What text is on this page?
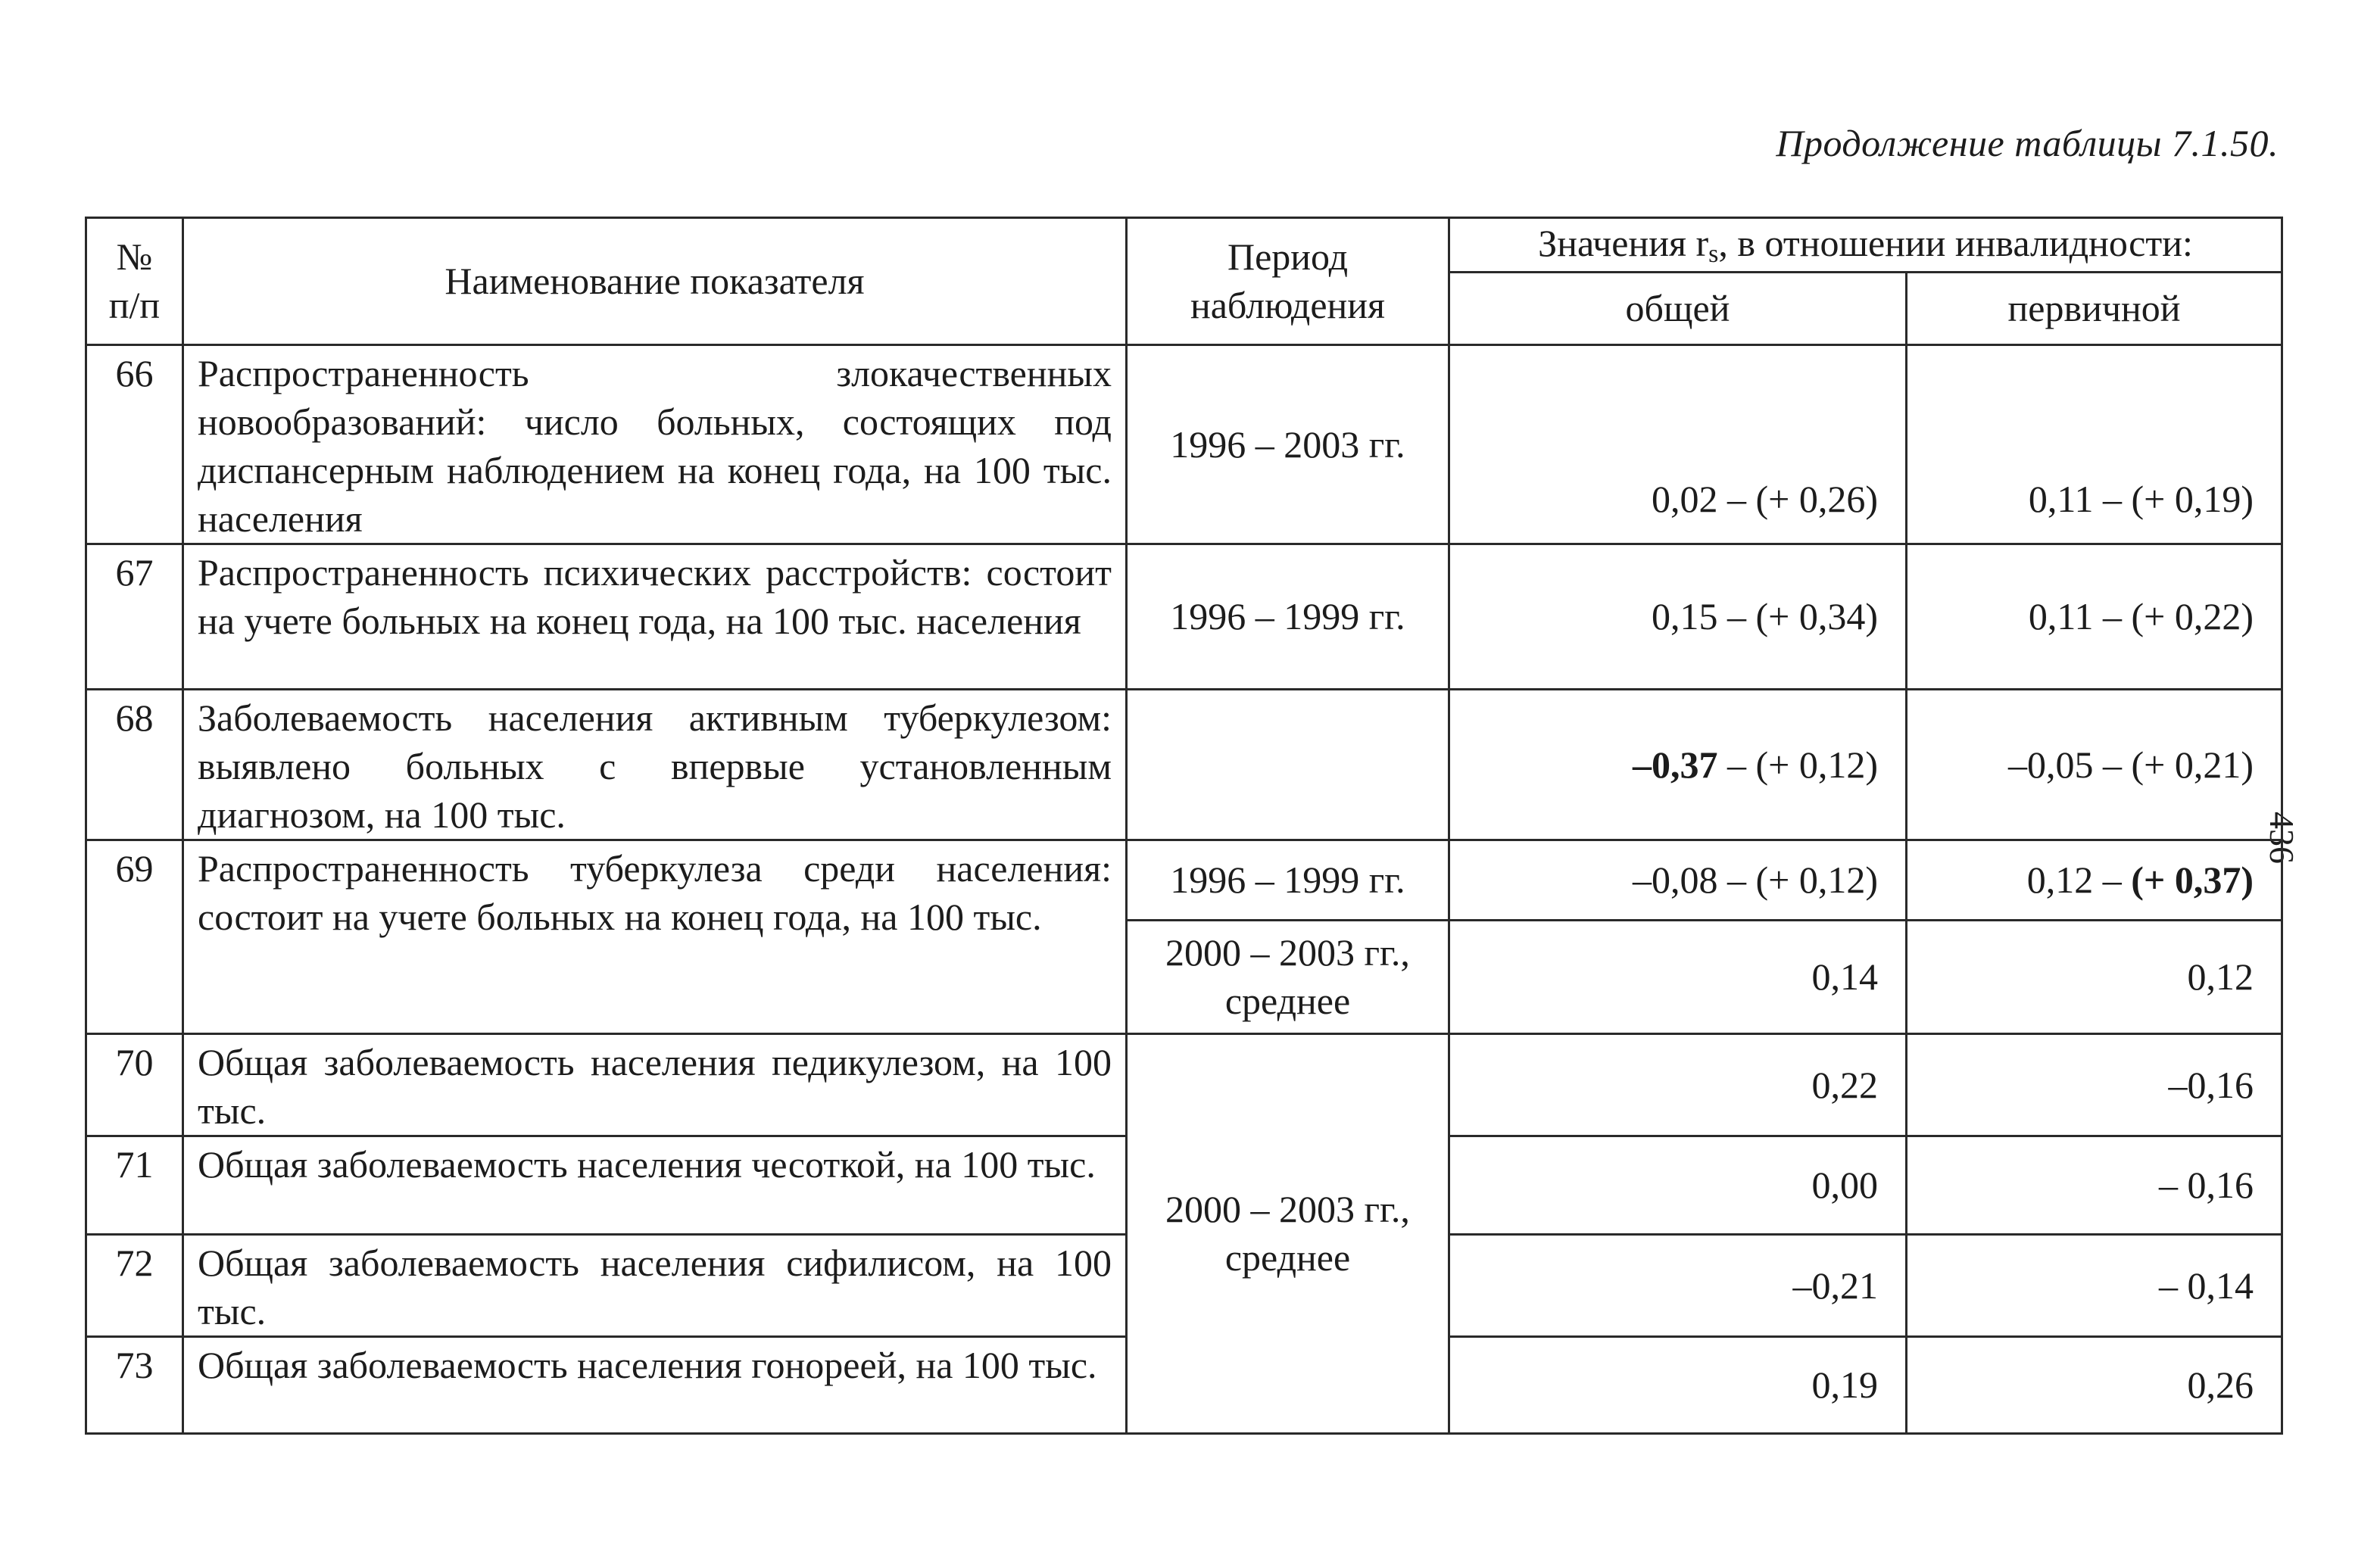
Продолжение таблицы 7.1.50.
436
№ п/п	Наименование показателя	Период наблюдения	Значения $r_s$, в отношении инвалидности:	
			общей	первичной
66	Распространенность злокачественных новообразований: число больных, состоящих под диспансерным наблюдением на конец года, на 100 тыс. населения	1996 – 2003 гг.	0,02 – (+ 0,26)	0,11 – (+ 0,19)
67	Распространенность психических расстройств: состоит на учете больных на конец года, на 100 тыс. населения	1996 – 1999 гг.	0,15 – (+ 0,34)	0,11 – (+ 0,22)
68	Заболеваемость населения активным туберкулезом: выявлено больных с впервые установленным диагнозом, на 100 тыс.		–0,37 – (+ 0,12)	–0,05 – (+ 0,21)
69	Распространенность туберкулеза среди населения: состоит на учете больных на конец года, на 100 тыс.	1996 – 1999 гг.	–0,08 – (+ 0,12)	0,12 – (+ 0,37)
		2000 – 2003 гг., среднее	0,14	0,12
70	Общая заболеваемость населения педикулезом, на 100 тыс.	2000 – 2003 гг., среднее	0,22	–0,16
71	Общая заболеваемость населения чесоткой, на 100 тыс.		0,00	– 0,16
72	Общая заболеваемость населения сифилисом, на 100 тыс.		–0,21	– 0,14
73	Общая заболеваемость населения гонореей, на 100 тыс.		0,19	0,26
